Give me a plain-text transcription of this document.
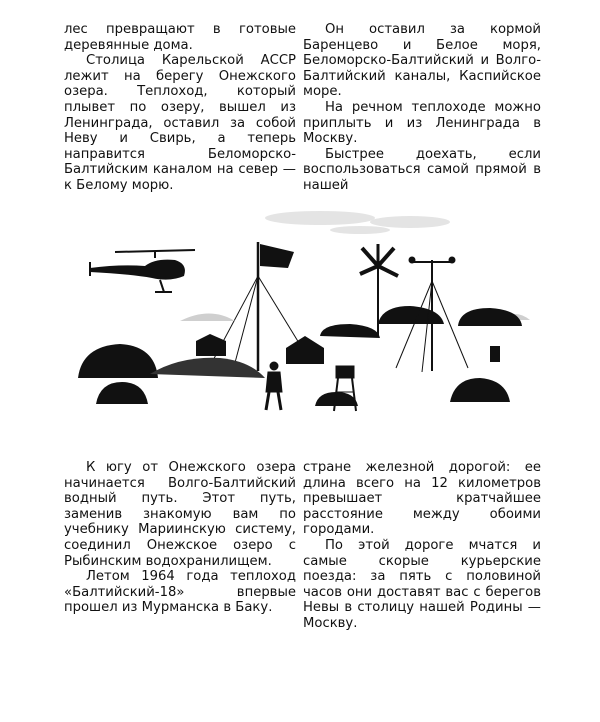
лес превращают в готовые деревянные дома.

Столица Карельской АССР лежит на берегу Онежского озера. Теплоход, который плывет по озеру, вышел из Ленинграда, оставил за собой Неву и Свирь, а теперь направится Беломорско-Балтийским каналом на север — к Белому морю.

Он оставил за кормой Баренцево и Белое моря, Беломорско-Балтийский и Волго-Балтийский каналы, Каспийское море.

На речном теплоходе можно приплыть и из Ленинграда в Москву.

Быстрее доехать, если воспользоваться самой прямой в нашей

К югу от Онежского озера начинается Волго-Балтийский водный путь. Этот путь, заменив знакомую вам по учебнику Мариинскую систему, соединил Онежское озеро с Рыбинским водохранилищем.

Летом 1964 года теплоход «Балтийский-18» впервые прошел из Мурманска в Баку.

стране железной дорогой: ее длина всего на 12 километров превышает кратчайшее расстояние между обоими городами.

По этой дороге мчатся и самые скорые курьерские поезда: за пять с половиной часов они доставят вас с берегов Невы в столицу нашей Родины — Москву.
